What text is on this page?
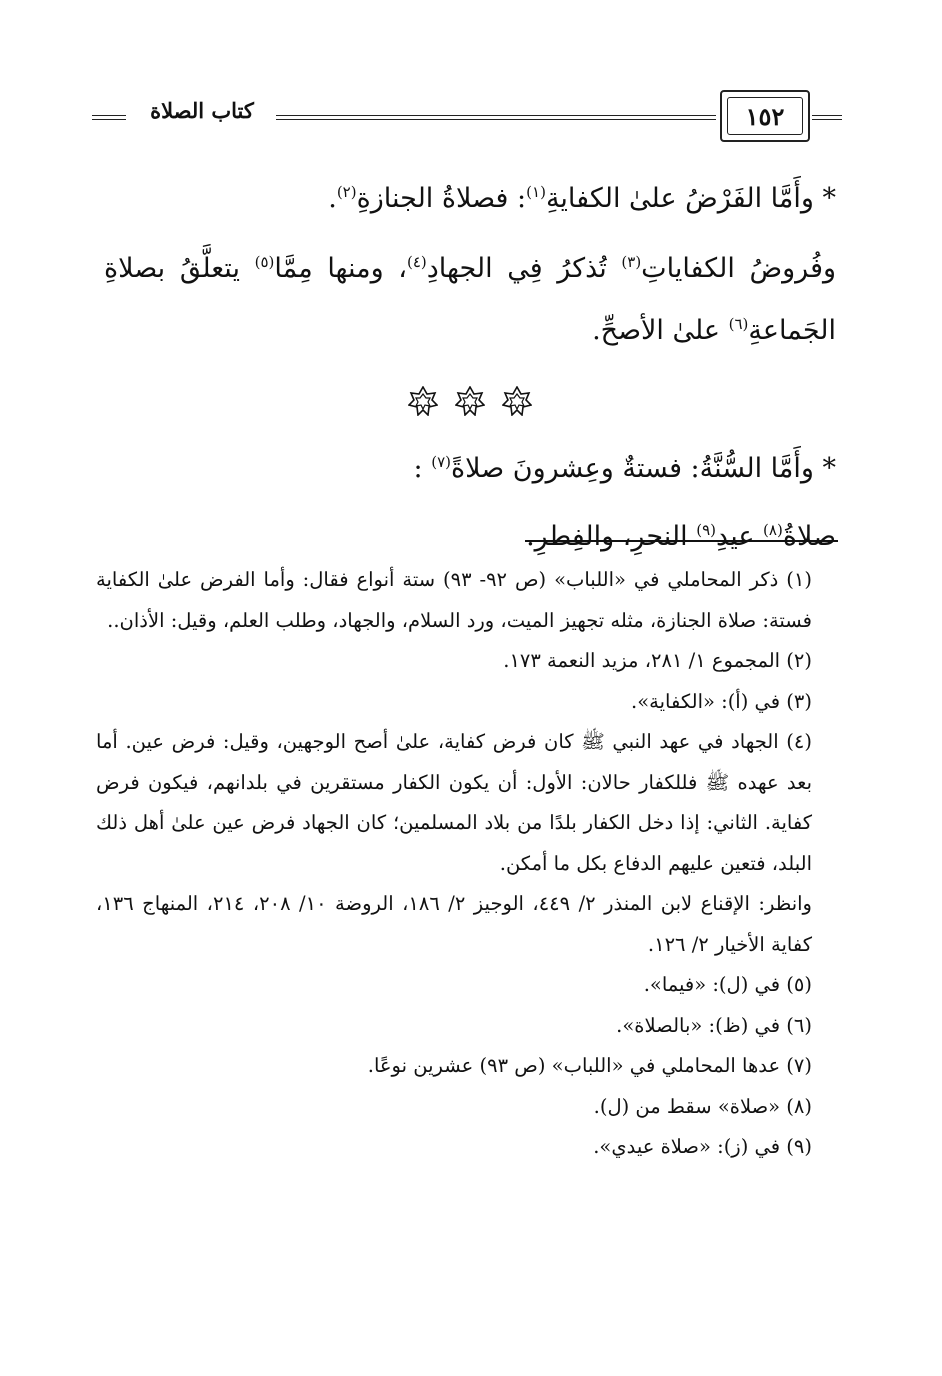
كتاب الصلاة	١٥٢

* وأَمَّا الفَرْضُ علىٰ الكفايةِ$^{(١)}$: فصلاةُ الجنازةِ$^{(٢)}$.

وفُروضُ الكفاياتِ$^{(٣)}$ تُذكرُ فِي الجهادِ$^{(٤)}$، ومنها مِمَّا$^{(٥)}$ يتعلَّقُ بصلاةِ الجَماعةِ$^{(٦)}$ علىٰ الأصحِّ.

* وأَمَّا السُّنَّةُ: فستةٌ وعِشرونَ صلاةً$^{(٧)}$ :

صلاةُ$^{(٨)}$ عيدِ$^{(٩)}$ النحرِ، والفِطرِ.

(١) ذكر المحاملي في «اللباب» (ص ٩٢- ٩٣) ستة أنواع فقال: وأما الفرض علىٰ الكفاية فستة: صلاة الجنازة، مثله تجهيز الميت، ورد السلام، والجهاد، وطلب العلم، وقيل: الأذان..

(٢) المجموع ١/ ٢٨١، مزيد النعمة ١٧٣.

(٣) في (أ): «الكفاية».

(٤) الجهاد في عهد النبي ﷺ كان فرض كفاية، علىٰ أصح الوجهين، وقيل: فرض عين. أما بعد عهده ﷺ فللكفار حالان: الأول: أن يكون الكفار مستقرين في بلدانهم، فيكون فرض كفاية. الثاني: إذا دخل الكفار بلدًا من بلاد المسلمين؛ كان الجهاد فرض عين علىٰ أهل ذلك البلد، فتعين عليهم الدفاع بكل ما أمكن.

وانظر: الإقناع لابن المنذر ٢/ ٤٤٩، الوجيز ٢/ ١٨٦، الروضة ١٠/ ٢٠٨، ٢١٤، المنهاج ١٣٦، كفاية الأخيار ٢/ ١٢٦.

(٥) في (ل): «فيما».

(٦) في (ظ): «بالصلاة».

(٧) عدها المحاملي في «اللباب» (ص ٩٣) عشرين نوعًا.

(٨) «صلاة» سقط من (ل).

(٩) في (ز): «صلاة عيدي».
